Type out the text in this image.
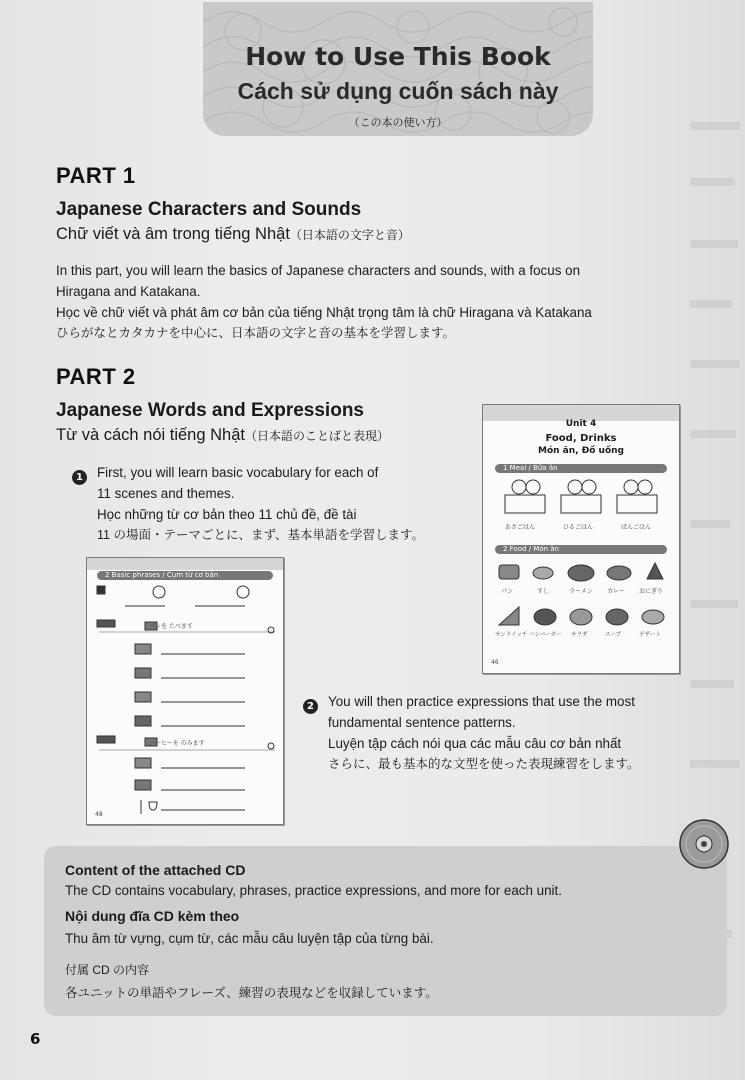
How to Use This Book
Cách sử dụng cuốn sách này
（この本の使い方）
PART 1
Japanese Characters and Sounds
Chữ viết và âm trong tiếng Nhật（日本語の文字と音）
In this part, you will learn the basics of Japanese characters and sounds, with a focus on
Hiragana and Katakana.
Học về chữ viết và phát âm cơ bản của tiếng Nhật trọng tâm là chữ Hiragana và Katakana
ひらがなとカタカナを中心に、日本語の文字と音の基本を学習します。
PART 2
Japanese Words and Expressions
Từ và cách nói tiếng Nhật（日本語のことばと表現）
1 First, you will learn basic vocabulary for each of
11 scenes and themes.
Học những từ cơ bản theo 11 chủ đề, đề tài
11 の場面・テーマごとに、まず、基本単語を学習します。
Unit 4
Food, Drinks
Món ăn, Đồ uống
1 Meal / Bữa ăn
あさごはん	ひるごはん	ばんごはん
2 Food / Món ăn
パン	すし	ラーメン カレー おにぎり
サンドイッチ ハンバーガー サラダ	スープ	デザート
46
2 Basic phrases / Cụm từ cơ bản
パンを たべます
コーヒーを のみます
48
2 You will then practice expressions that use the most
fundamental sentence patterns.
Luyện tập cách nói qua các mẫu câu cơ bản nhất
さらに、最も基本的な文型を使った表現練習をします。
Content of the attached CD
The CD contains vocabulary, phrases, practice expressions, and more for each unit.
Nội dung đĩa CD kèm theo
Thu âm từ vựng, cụm từ, các mẫu câu luyện tập của từng bài.
付属 CD の内容
各ユニットの単語やフレーズ、練習の表現などを収録しています。
6
